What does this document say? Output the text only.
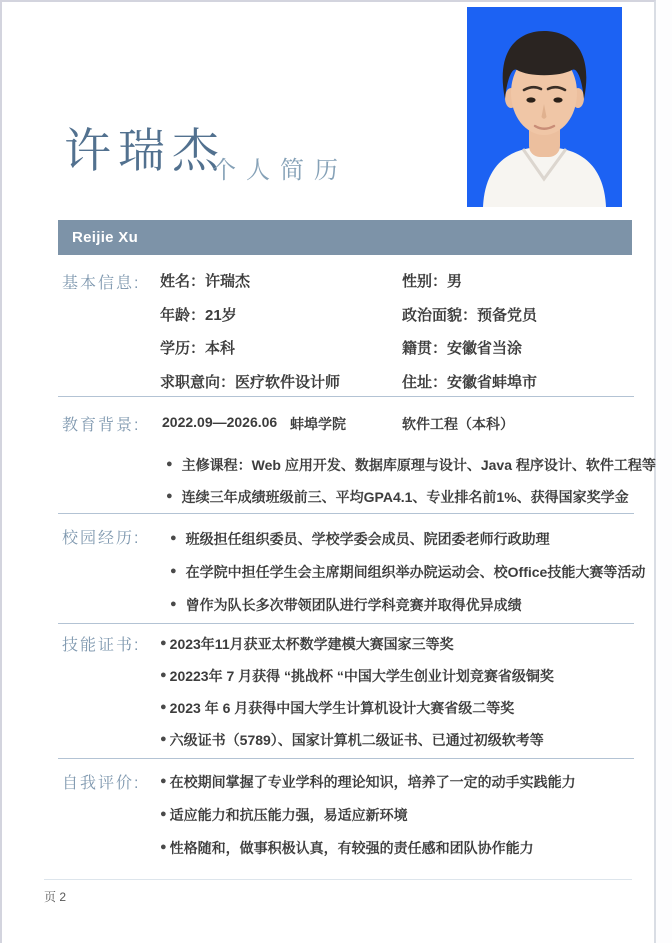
许瑞杰
个人简历
Reijie Xu
基本信息: 姓名：许瑞杰
年龄：21岁
学历：本科
求职意向：医疗软件设计师
性别：男
政治面貌：预备党员
籍贯：安徽省当涂
住址：安徽省蚌埠市
教育背景: 2022.09—2026.06 蚌埠学院	软件工程（本科）
● 主修课程：Web 应用开发、数据库原理与设计、Java 程序设计、软件工程等
● 连续三年成绩班级前三、平均GPA4.1、专业排名前1%、获得国家奖学金
校园经历:	● 班级担任组织委员、学校学委会成员、院团委老师行政助理
● 在学院中担任学生会主席期间组织举办院运动会、校Office技能大赛等活动
● 曾作为队长多次带领团队进行学科竞赛并取得优异成绩
技能证书: ● 2023年11月获亚太杯数学建模大赛国家三等奖
● 20223年 7 月获得 “挑战杯 “中国大学生创业计划竞赛省级铜奖
● 2023 年 6 月获得中国大学生计算机设计大赛省级二等奖
● 六级证书（5789）、国家计算机二级证书、已通过初级软考等
自我评价: ● 在校期间掌握了专业学科的理论知识，培养了一定的动手实践能力
● 适应能力和抗压能力强，易适应新环境
● 性格随和，做事积极认真，有较强的责任感和团队协作能力
页 2
